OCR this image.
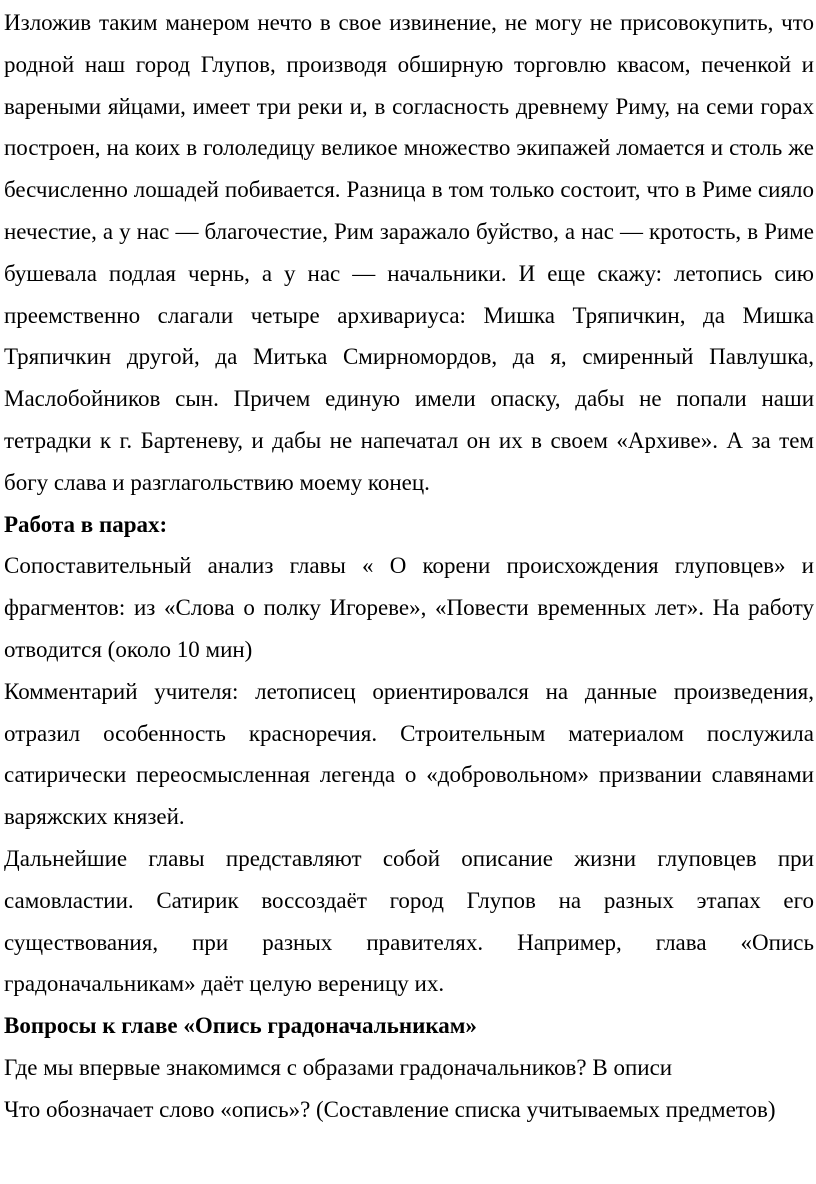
Изложив таким манером нечто в свое извинение, не могу не присовокупить, что родной наш город Глупов, производя обширную торговлю квасом, печенкой и вареными яйцами, имеет три реки и, в согласность древнему Риму, на семи горах построен, на коих в гололедицу великое множество экипажей ломается и столь же бесчисленно лошадей побивается. Разница в том только состоит, что в Риме сияло нечестие, а у нас — благочестие, Рим заражало буйство, а нас — кротость, в Риме бушевала подлая чернь, а у нас — начальники. И еще скажу: летопись сию преемственно слагали четыре архивариуса: Мишка Тряпичкин, да Мишка Тряпичкин другой, да Митька Смирномордов, да я, смиренный Павлушка, Маслобойников сын. Причем единую имели опаску, дабы не попали наши тетрадки к г. Бартеневу, и дабы не напечатал он их в своем «Архиве». А за тем богу слава и разглагольствию моему конец.

Работа в парах:

Сопоставительный анализ главы « О корени происхождения глуповцев» и фрагментов: из «Слова о полку Игореве», «Повести временных лет». На работу отводится (около 10 мин)

Комментарий учителя: летописец ориентировался на данные произведения, отразил особенность красноречия. Строительным материалом послужила сатирически переосмысленная легенда о «добровольном» призвании славянами варяжских князей.

Дальнейшие главы представляют собой описание жизни глуповцев при самовластии. Сатирик воссоздаёт город Глупов на разных этапах его существования, при разных правителях. Например, глава «Опись градоначальникам» даёт целую вереницу их.

Вопросы к главе «Опись градоначальникам»

Где мы впервые знакомимся с образами градоначальников? В описи

Что обозначает слово «опись»? (Составление списка учитываемых предметов)
